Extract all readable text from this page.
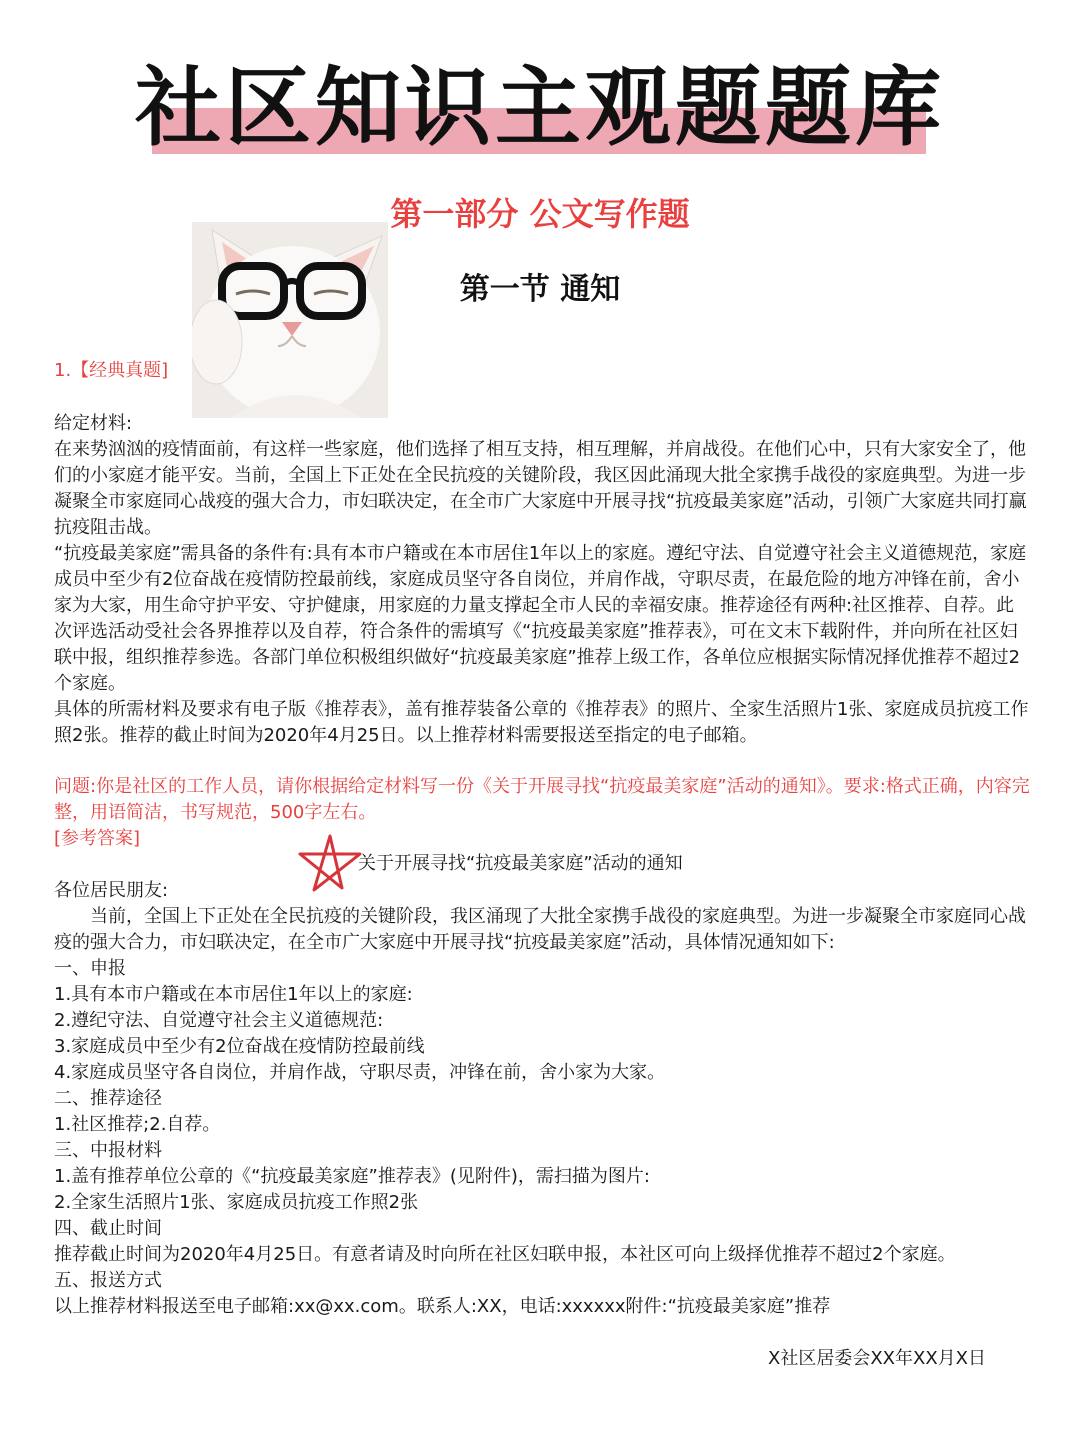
社区知识主观题题库
第一部分 公文写作题
第一节 通知
1.【经典真题]

给定材料:

在来势汹汹的疫情面前，有这样一些家庭，他们选择了相互支持，相互理解，并肩战役。在他们心中，只有大家安全了，他们的小家庭才能平安。当前，全国上下正处在全民抗疫的关键阶段，我区因此涌现大批全家携手战役的家庭典型。为进一步凝聚全市家庭同心战疫的强大合力，市妇联决定，在全市广大家庭中开展寻找“抗疫最美家庭”活动，引领广大家庭共同打赢抗疫阻击战。

“抗疫最美家庭”需具备的条件有:具有本市户籍或在本市居住1年以上的家庭。遵纪守法、自觉遵守社会主义道德规范，家庭成员中至少有2位奋战在疫情防控最前线，家庭成员坚守各自岗位，并肩作战，守职尽责，在最危险的地方冲锋在前，舍小家为大家，用生命守护平安、守护健康，用家庭的力量支撑起全市人民的幸福安康。推荐途径有两种:社区推荐、自荐。此次评选活动受社会各界推荐以及自荐，符合条件的需填写《“抗疫最美家庭”推荐表》，可在文末下载附件，并向所在社区妇联中报，组织推荐参选。各部门单位积极组织做好“抗疫最美家庭”推荐上级工作，各单位应根据实际情况择优推荐不超过2个家庭。

具体的所需材料及要求有电子版《推荐表》，盖有推荐装备公章的《推荐表》的照片、全家生活照片1张、家庭成员抗疫工作照2张。推荐的截止时间为2020年4月25日。以上推荐材料需要报送至指定的电子邮箱。

问题:你是社区的工作人员，请你根据给定材料写一份《关于开展寻找“抗疫最美家庭”活动的通知》。要求:格式正确，内容完整，用语简洁，书写规范，500字左右。

[参考答案]

关于开展寻找“抗疫最美家庭”活动的通知

各位居民朋友:

当前，全国上下正处在全民抗疫的关键阶段，我区涌现了大批全家携手战役的家庭典型。为进一步凝聚全市家庭同心战疫的强大合力，市妇联决定，在全市广大家庭中开展寻找“抗疫最美家庭”活动，具体情况通知如下:

一、申报

1.具有本市户籍或在本市居住1年以上的家庭:

2.遵纪守法、自觉遵守社会主义道德规范:

3.家庭成员中至少有2位奋战在疫情防控最前线

4.家庭成员坚守各自岗位，并肩作战，守职尽责，冲锋在前，舍小家为大家。

二、推荐途径

1.社区推荐;2.自荐。

三、中报材料

1.盖有推荐单位公章的《“抗疫最美家庭”推荐表》(见附件)，需扫描为图片:

2.全家生活照片1张、家庭成员抗疫工作照2张

四、截止时间

推荐截止时间为2020年4月25日。有意者请及时向所在社区妇联申报，本社区可向上级择优推荐不超过2个家庭。

五、报送方式

以上推荐材料报送至电子邮箱:xx@xx.com。联系人:XX，电话:xxxxxx附件:“抗疫最美家庭”推荐

X社区居委会XX年XX月X日
